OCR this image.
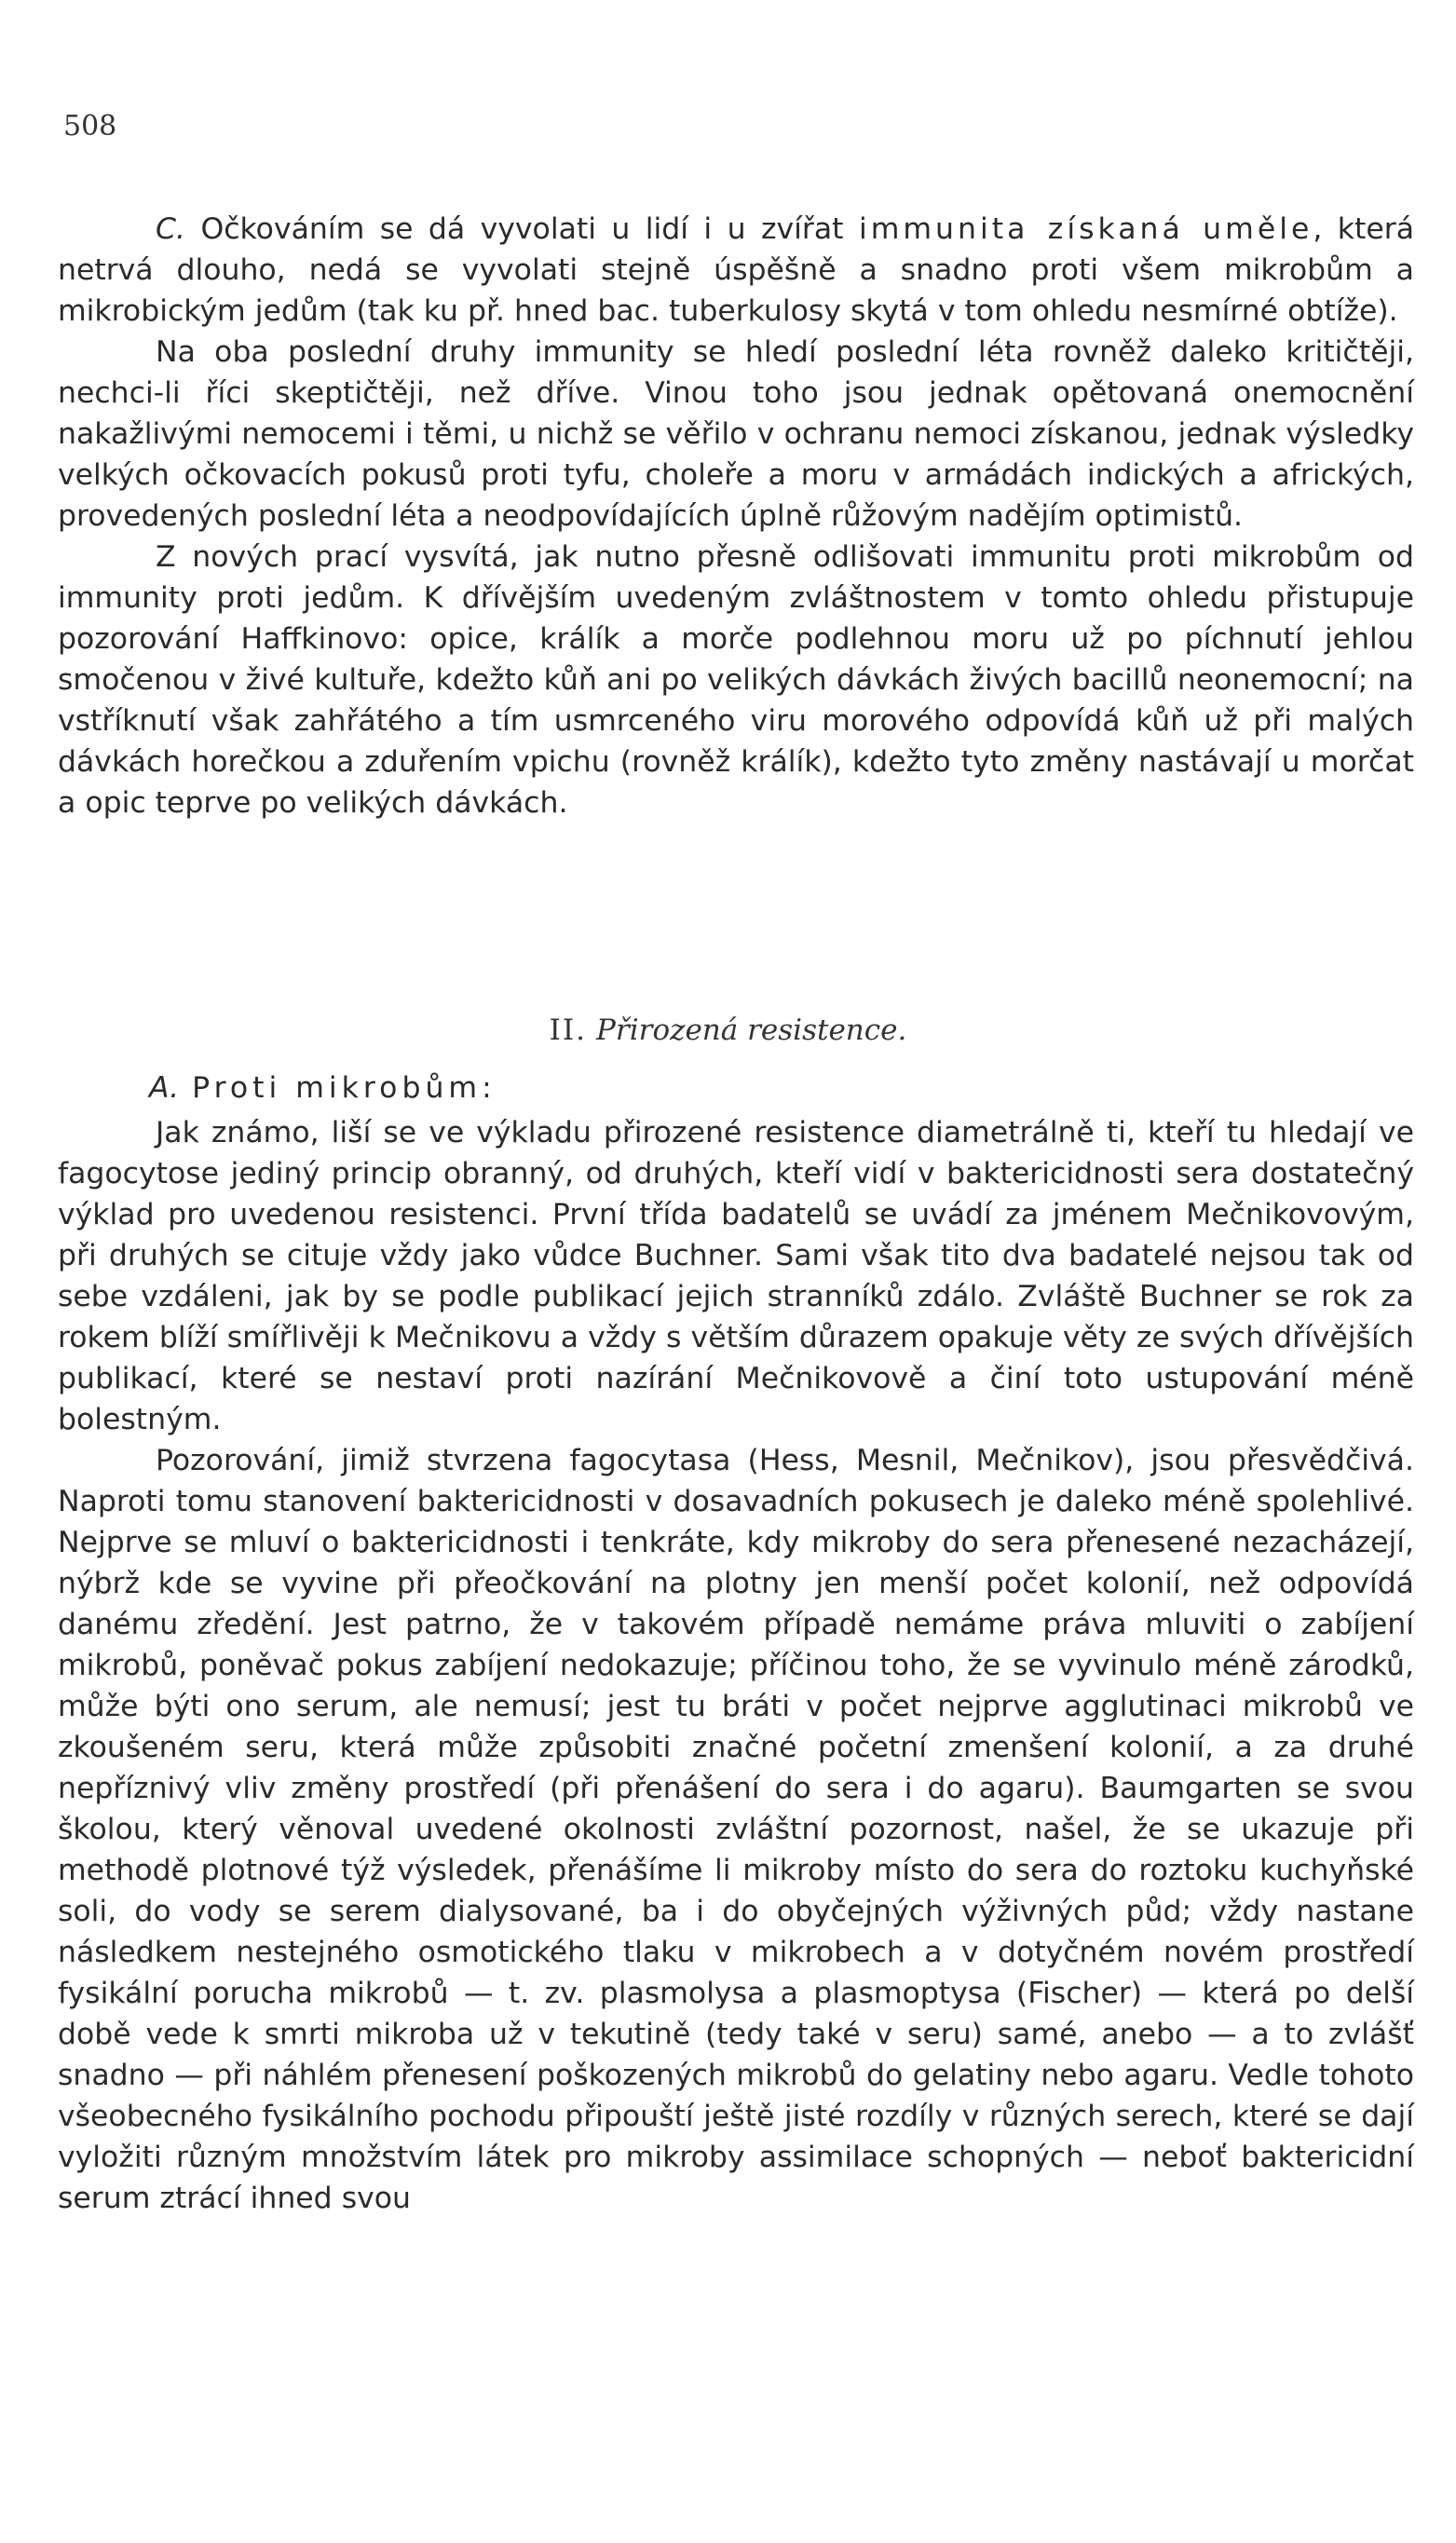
508

C. Očkováním se dá vyvolati u lidí i u zvířat immunita získaná uměle, která netrvá dlouho, nedá se vyvolati stejně úspěšně a snadno proti všem mikrobům a mikrobickým jedům (tak ku př. hned bac. tuberkulosy skytá v tom ohledu nesmírné obtíže).

Na oba poslední druhy immunity se hledí poslední léta rovněž daleko kritičtěji, nechci-li říci skeptičtěji, než dříve. Vinou toho jsou jednak opětovaná onemocnění nakažlivými nemocemi i těmi, u nichž se věřilo v ochranu nemoci získanou, jednak výsledky velkých očkovacích pokusů proti tyfu, choleře a moru v armádách indických a afrických, provedených poslední léta a neodpovídajících úplně růžovým nadějím optimistů.

Z nových prací vysvítá, jak nutno přesně odlišovati immunitu proti mikrobům od immunity proti jedům. K dřívějším uvedeným zvláštnostem v tomto ohledu přistupuje pozorování Haffkinovo: opice, králík a morče podlehnou moru už po píchnutí jehlou smočenou v živé kultuře, kdežto kůň ani po velikých dávkách živých bacillů neonemocní; na vstříknutí však zahřátého a tím usmrceného viru morového odpovídá kůň už při malých dávkách horečkou a zduřením vpichu (rovněž králík), kdežto tyto změny nastávají u morčat a opic teprve po velikých dávkách.

II. Přirozená resistence.
A. Proti mikrobům:

Jak známo, liší se ve výkladu přirozené resistence diametrálně ti, kteří tu hledají ve fagocytose jediný princip obranný, od druhých, kteří vidí v baktericidnosti sera dostatečný výklad pro uvedenou resistenci. První třída badatelů se uvádí za jménem Mečnikovovým, při druhých se cituje vždy jako vůdce Buchner. Sami však tito dva badatelé nejsou tak od sebe vzdáleni, jak by se podle publikací jejich stranníků zdálo. Zvláště Buchner se rok za rokem blíží smířlivěji k Mečnikovu a vždy s větším důrazem opakuje věty ze svých dřívějších publikací, které se nestaví proti nazírání Mečnikovově a činí toto ustupování méně bolestným.

Pozorování, jimiž stvrzena fagocytasa (Hess, Mesnil, Mečnikov), jsou přesvědčivá. Naproti tomu stanovení baktericidnosti v dosavadních pokusech je daleko méně spolehlivé. Nejprve se mluví o baktericidnosti i tenkráte, kdy mikroby do sera přenesené nezacházejí, nýbrž kde se vyvine při přeočkování na plotny jen menší počet kolonií, než odpovídá danému zředění. Jest patrno, že v takovém případě nemáme práva mluviti o zabíjení mikrobů, poněvač pokus zabíjení nedokazuje; příčinou toho, že se vyvinulo méně zárodků, může býti ono serum, ale nemusí; jest tu bráti v počet nejprve agglutinaci mikrobů ve zkoušeném seru, která může způsobiti značné početní zmenšení kolonií, a za druhé nepříznivý vliv změny prostředí (při přenášení do sera i do agaru). Baumgarten se svou školou, který věnoval uvedené okolnosti zvláštní pozornost, našel, že se ukazuje při methodě plotnové týž výsledek, přenášíme li mikroby místo do sera do roztoku kuchyňské soli, do vody se serem dialysované, ba i do obyčejných výživných půd; vždy nastane následkem nestejného osmotického tlaku v mikrobech a v dotyčném novém prostředí fysikální porucha mikrobů — t. zv. plasmolysa a plasmoptysa (Fischer) — která po delší době vede k smrti mikroba už v tekutině (tedy také v seru) samé, anebo — a to zvlášť snadno — při náhlém přenesení poškozených mikrobů do gelatiny nebo agaru. Vedle tohoto všeobecného fysikálního pochodu připouští ještě jisté rozdíly v různých serech, které se dají vyložiti různým množstvím látek pro mikroby assimilace schopných — neboť baktericidní serum ztrácí ihned svou
